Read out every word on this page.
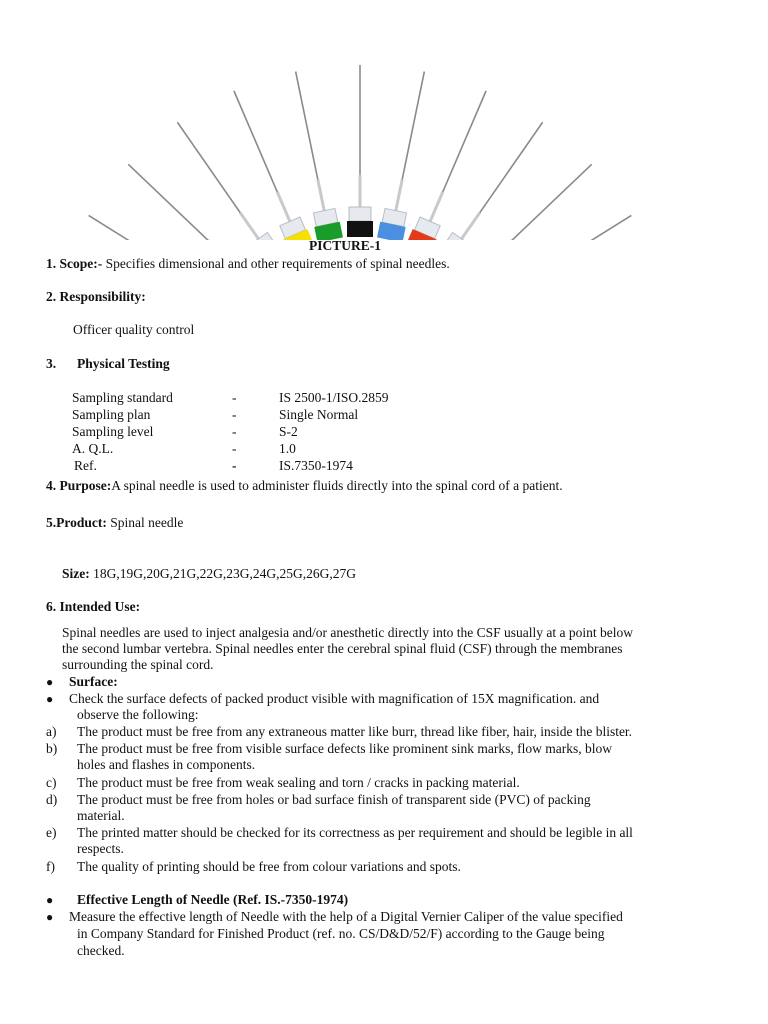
PICTURE-1
1. Scope:- Specifies dimensional and other requirements of spinal needles.
2. Responsibility:
Officer quality control
3. Physical Testing
Sampling standard	-	IS 2500-1/ISO.2859
Sampling plan	-	Single Normal
Sampling level	-	S-2
A. Q.L.	-	1.0
Ref.	-	IS.7350-1974
4. Purpose:A spinal needle is used to administer fluids directly into the spinal cord of a patient.
5.Product: Spinal needle
Size: 18G,19G,20G,21G,22G,23G,24G,25G,26G,27G
6. Intended Use:
Spinal needles are used to inject analgesia and/or anesthetic directly into the CSF usually at a point below
the second lumbar vertebra. Spinal needles enter the cerebral spinal fluid (CSF) through the membranes
surrounding the spinal cord.
● Surface:
● Check the surface defects of packed product visible with magnification of 15X magnification. and
observe the following:
a) The product must be free from any extraneous matter like burr, thread like fiber, hair, inside the blister.
b) The product must be free from visible surface defects like prominent sink marks, flow marks, blow
holes and flashes in components.
c) The product must be free from weak sealing and torn / cracks in packing material.
d) The product must be free from holes or bad surface finish of transparent side (PVC) of packing
material.
e) The printed matter should be checked for its correctness as per requirement and should be legible in all
respects.
f) The quality of printing should be free from colour variations and spots.
● Effective Length of Needle (Ref. IS.-7350-1974)
● Measure the effective length of Needle with the help of a Digital Vernier Caliper of the value specified
in Company Standard for Finished Product (ref. no. CS/D&D/52/F) according to the Gauge being
checked.
